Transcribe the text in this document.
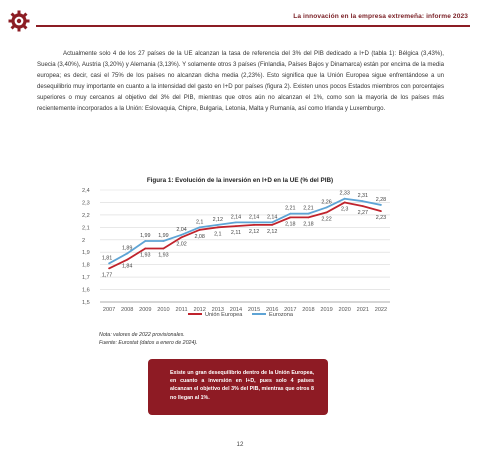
La innovación en la empresa extremeña: informe 2023
Actualmente solo 4 de los 27 países de la UE alcanzan la tasa de referencia del 3% del PIB dedicado a I+D (tabla 1): Bélgica (3,43%), Suecia (3,40%), Austria (3,20%) y Alemania (3,13%). Y solamente otros 3 países (Finlandia, Países Bajos y Dinamarca) están por encima de la media europea; es decir, casi el 75% de los países no alcanzan dicha media (2,23%). Esto significa que la Unión Europea sigue enfrentándose a un desequilibrio muy importante en cuanto a la intensidad del gasto en I+D por países (figura 2). Existen unos pocos Estados miembros con porcentajes superiores o muy cercanos al objetivo del 3% del PIB, mientras que otros aún no alcanzan el 1%, como son la mayoría de los países más recientemente incorporados a la Unión: Eslovaquia, Chipre, Bulgaria, Letonia, Malta y Rumanía, así como Irlanda y Luxemburgo.
Figura 1: Evolución de la inversión en I+D en la UE (% del PIB)
2,4
2,3
2,2
2,1
2
1,9
1,8
1,7
1,6
1,5
2007 2008 2009 2010 2011 2012 2013 2014 2015 2016 2017 2018 2019 2020 2021 2022
1,77
1,84
1,93 1,93
2,02
2,08 2,1 2,11 2,12 2,12
2,18 2,18
2,22
2,3
2,27
2,23
1,81
1,89
1,99 1,99
2,04
2,1 2,12 2,14 2,14 2,14
2,21 2,21
2,26
2,33 2,31
2,28
Unión Europea	Eurozona
Nota: valores de 2022 provisionales.
Fuente: Eurostat (datos a enero de 2024).
Existe un gran desequilibrio dentro de la Unión Europea, en cuanto a inversión en I+D, pues solo 4 países alcanzan el objetivo del 3% del PIB, mientras que otros 8 no llegan al 1%.
12
